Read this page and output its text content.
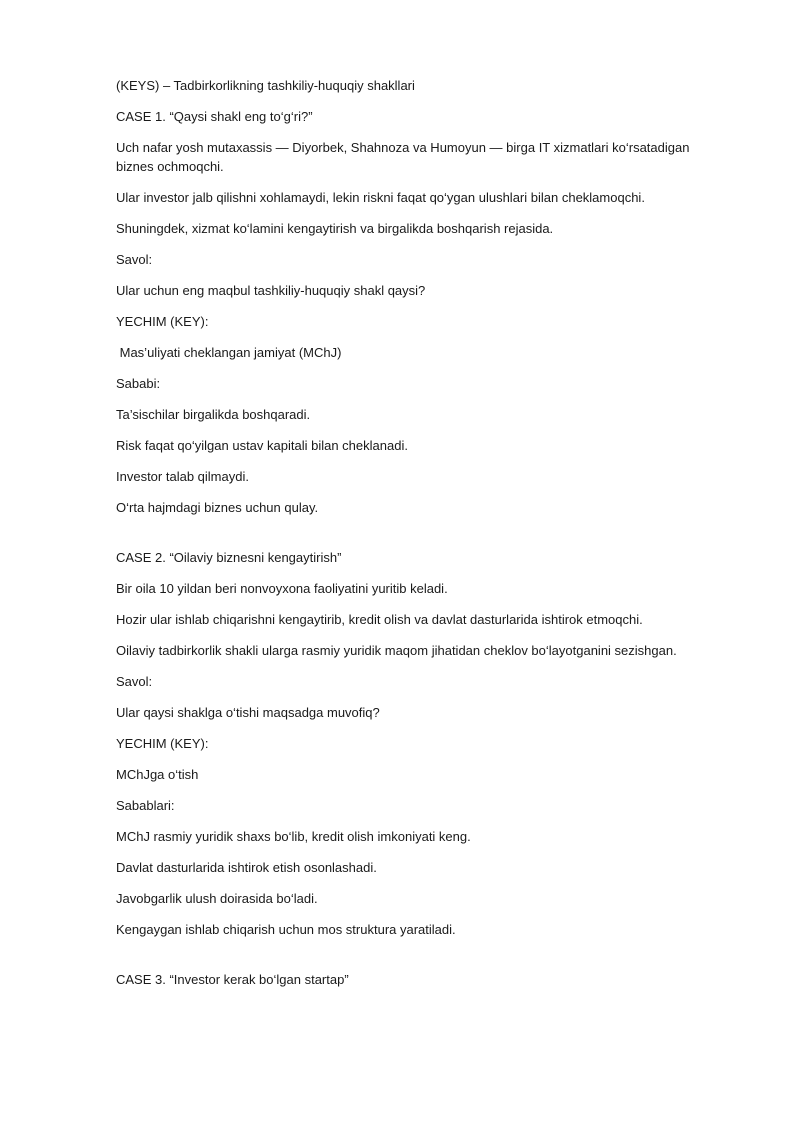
(KEYS) – Tadbirkorlikning tashkiliy-huquqiy shakllari

CASE 1. “Qaysi shakl eng to‘g‘ri?”

Uch nafar yosh mutaxassis — Diyorbek, Shahnoza va Humoyun — birga IT xizmatlari ko‘rsatadigan biznes ochmoqchi.

Ular investor jalb qilishni xohlamaydi, lekin riskni faqat qo‘ygan ulushlari bilan cheklamoqchi.

Shuningdek, xizmat ko‘lamini kengaytirish va birgalikda boshqarish rejasida.

Savol:

Ular uchun eng maqbul tashkiliy-huquqiy shakl qaysi?

YECHIM (KEY):

Mas’uliyati cheklangan jamiyat (MChJ)

Sababi:

Ta’sischilar birgalikda boshqaradi.

Risk faqat qo‘yilgan ustav kapitali bilan cheklanadi.

Investor talab qilmaydi.

O‘rta hajmdagi biznes uchun qulay.

CASE 2. “Oilaviy biznesni kengaytirish”

Bir oila 10 yildan beri nonvoyxona faoliyatini yuritib keladi.

Hozir ular ishlab chiqarishni kengaytirib, kredit olish va davlat dasturlarida ishtirok etmoqchi.

Oilaviy tadbirkorlik shakli ularga rasmiy yuridik maqom jihatidan cheklov bo‘layotganini sezishgan.

Savol:

Ular qaysi shaklga o‘tishi maqsadga muvofiq?

YECHIM (KEY):

MChJga o‘tish

Sabablari:

MChJ rasmiy yuridik shaxs bo‘lib, kredit olish imkoniyati keng.

Davlat dasturlarida ishtirok etish osonlashadi.

Javobgarlik ulush doirasida bo‘ladi.

Kengaygan ishlab chiqarish uchun mos struktura yaratiladi.

CASE 3. “Investor kerak bo‘lgan startap”
